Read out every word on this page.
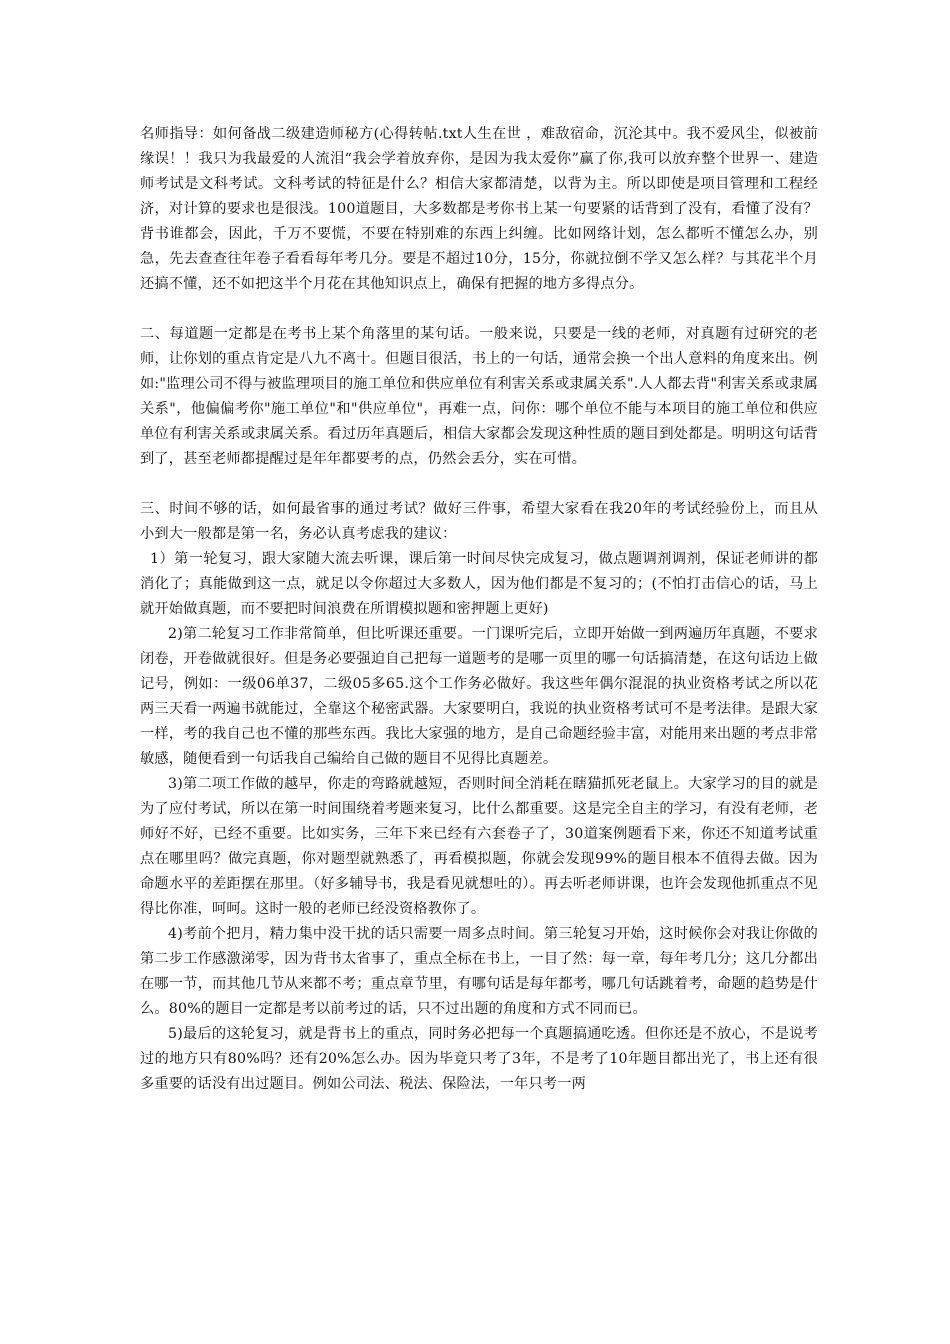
名师指导：如何备战二级建造师秘方(心得转帖.txt人生在世 ，难敌宿命，沉沦其中。我不爱风尘，似被前缘误！！我只为我最爱的人流泪“我会学着放弃你，是因为我太爱你”赢了你,我可以放弃整个世界一、建造师考试是文科考试。文科考试的特征是什么？相信大家都清楚，以背为主。所以即使是项目管理和工程经济，对计算的要求也是很浅。100道题目，大多数都是考你书上某一句要紧的话背到了没有，看懂了没有？背书谁都会，因此，千万不要慌，不要在特别难的东西上纠缠。比如网络计划，怎么都听不懂怎么办，别急，先去查查往年卷子看看每年考几分。要是不超过10分，15分，你就拉倒不学又怎么样？与其花半个月还搞不懂，还不如把这半个月花在其他知识点上，确保有把握的地方多得点分。

二、每道题一定都是在考书上某个角落里的某句话。一般来说，只要是一线的老师，对真题有过研究的老师，让你划的重点肯定是八九不离十。但题目很活，书上的一句话，通常会换一个出人意料的角度来出。例如:"监理公司不得与被监理项目的施工单位和供应单位有利害关系或隶属关系".人人都去背"利害关系或隶属关系"，他偏偏考你"施工单位"和"供应单位"，再难一点，问你：哪个单位不能与本项目的施工单位和供应单位有利害关系或隶属关系。看过历年真题后，相信大家都会发现这种性质的题目到处都是。明明这句话背到了，甚至老师都提醒过是年年都要考的点，仍然会丢分，实在可惜。

三、时间不够的话，如何最省事的通过考试？做好三件事，希望大家看在我20年的考试经验份上，而且从小到大一般都是第一名，务必认真考虑我的建议：

1）第一轮复习，跟大家随大流去听课，课后第一时间尽快完成复习，做点题调剂调剂，保证老师讲的都消化了；真能做到这一点，就足以令你超过大多数人，因为他们都是不复习的；(不怕打击信心的话，马上就开始做真题，而不要把时间浪费在所谓模拟题和密押题上更好)

2)第二轮复习工作非常简单，但比听课还重要。一门课听完后，立即开始做一到两遍历年真题，不要求闭卷，开卷做就很好。但是务必要强迫自己把每一道题考的是哪一页里的哪一句话搞清楚，在这句话边上做记号，例如：一级06单37，二级05多65.这个工作务必做好。我这些年偶尔混混的执业资格考试之所以花两三天看一两遍书就能过，全靠这个秘密武器。大家要明白，我说的执业资格考试可不是考法律。是跟大家一样，考的我自己也不懂的那些东西。我比大家强的地方，是自己命题经验丰富，对能用来出题的考点非常敏感，随便看到一句话我自己编给自己做的题目不见得比真题差。

3)第二项工作做的越早，你走的弯路就越短，否则时间全消耗在瞎猫抓死老鼠上。大家学习的目的就是为了应付考试，所以在第一时间围绕着考题来复习，比什么都重要。这是完全自主的学习，有没有老师，老师好不好，已经不重要。比如实务，三年下来已经有六套卷子了，30道案例题看下来，你还不知道考试重点在哪里吗？做完真题，你对题型就熟悉了，再看模拟题，你就会发现99%的题目根本不值得去做。因为命题水平的差距摆在那里。（好多辅导书，我是看见就想吐的）。再去听老师讲课，也许会发现他抓重点不见得比你准，呵呵。这时一般的老师已经没资格教你了。

4)考前个把月，精力集中没干扰的话只需要一周多点时间。第三轮复习开始，这时候你会对我让你做的第二步工作感激涕零，因为背书太省事了，重点全标在书上，一目了然：每一章，每年考几分；这几分都出在哪一节，而其他几节从来都不考；重点章节里，有哪句话是每年都考，哪几句话跳着考，命题的趋势是什么。80%的题目一定都是考以前考过的话，只不过出题的角度和方式不同而已。

5)最后的这轮复习，就是背书上的重点，同时务必把每一个真题搞通吃透。但你还是不放心，不是说考过的地方只有80%吗？还有20%怎么办。因为毕竟只考了3年，不是考了10年题目都出光了，书上还有很多重要的话没有出过题目。例如公司法、税法、保险法，一年只考一两
